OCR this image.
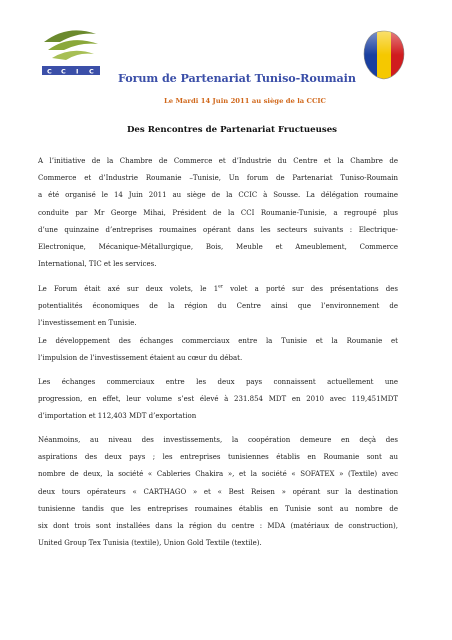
C C I C Forum de Partenariat Tuniso-Roumain
Le Mardi 14 Juin 2011 au siège de la CCIC
Des Rencontres de Partenariat Fructueuses
A l’initiative de la Chambre de Commerce et d’Industrie du Centre et la Chambre de
Commerce et d’Industrie Roumanie –Tunisie, Un forum de Partenariat Tuniso-Roumain
a été organisé le 14 Juin 2011 au siège de la CCIC à Sousse. La délégation roumaine
conduite par Mr George Mihai, Président de la CCI Roumanie-Tunisie, a regroupé plus
d’une quinzaine d’entreprises roumaines opérant dans les secteurs suivants : Electrique-
Electronique, Mécanique-Métallurgique, Bois, Meuble et Ameublement, Commerce
International, TIC et les services.
Le Forum était axé sur deux volets, le 1er volet a porté sur des présentations des
potentialités économiques de la région du Centre ainsi que l’environnement de
l’investissement en Tunisie.
Le développement des échanges commerciaux entre la Tunisie et la Roumanie et
l’impulsion de l’investissement étaient au cœur du débat.
Les échanges commerciaux entre les deux pays connaissent actuellement une
progression, en effet, leur volume s’est élevé à 231.854 MDT en 2010 avec 119,451MDT
d’importation et 112,403 MDT d’exportation
Néanmoins, au niveau des investissements, la coopération demeure en deçà des
aspirations des deux pays ; les entreprises tunisiennes établis en Roumanie sont au
nombre de deux, la société « Cableries Chakira », et la société « SOFATEX » (Textile) avec
deux tours opérateurs « CARTHAGO » et « Best Reisen » opérant sur la destination
tunisienne tandis que les entreprises roumaines établis en Tunisie sont au nombre de
six dont trois sont installées dans la région du centre : MDA (matériaux de construction),
United Group Tex Tunisia (textile), Union Gold Textile (textile).
